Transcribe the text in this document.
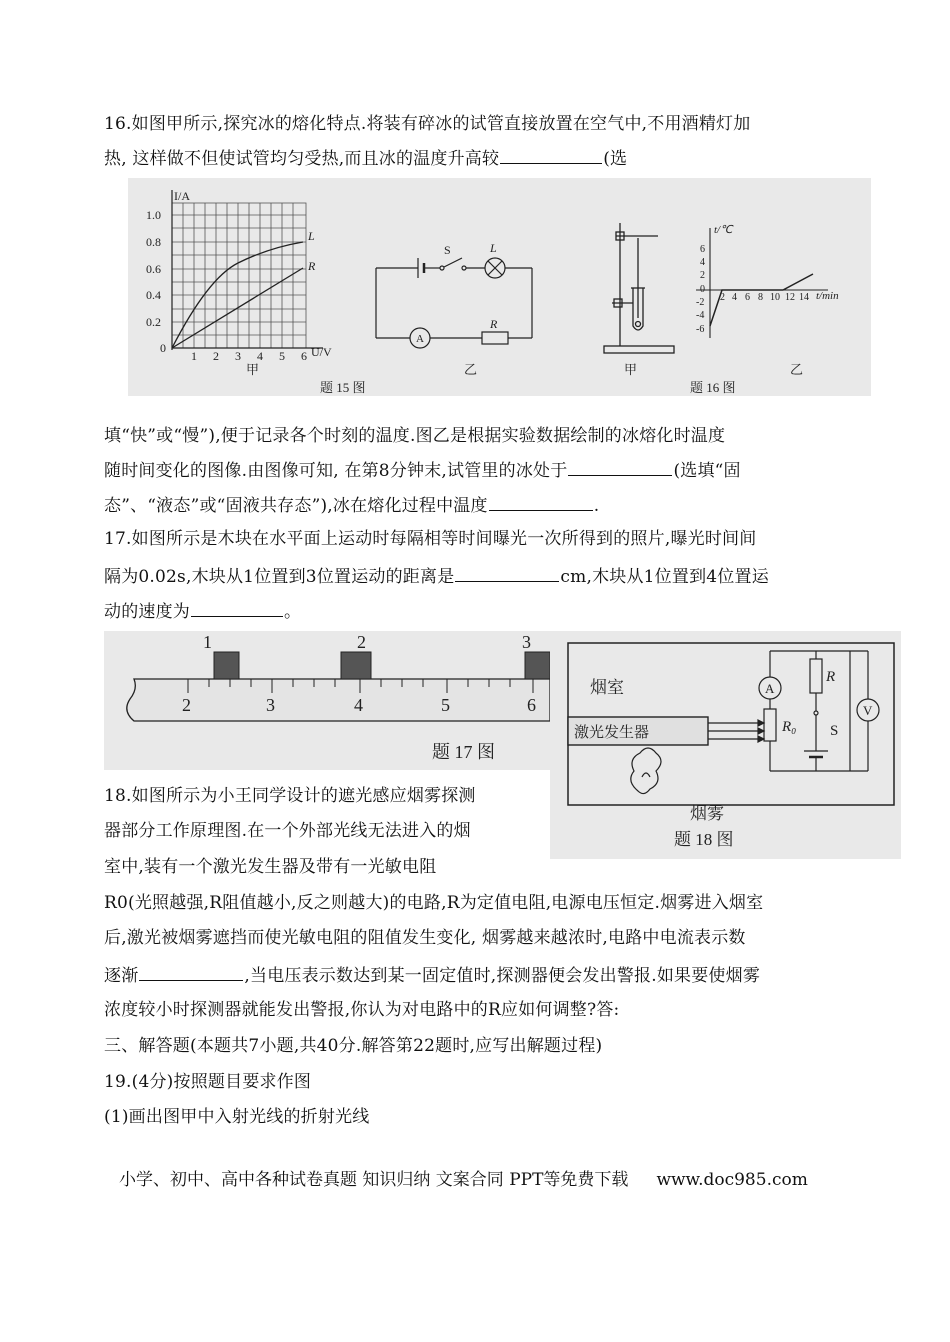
16.如图甲所示,探究冰的熔化特点.将装有碎冰的试管直接放置在空气中,不用酒精灯加
热, 这样做不但使试管均匀受热,而且冰的温度升高较	(选
I/A
U/V
1.0
0.8
0.6
0.4
0.2
0
1 2 3 4 5 6
L
R
甲
S	L
A
R
乙
题 15 图
甲
t/℃
6
4
2
0
-2
-4
-6
2 4 6 8 10 12 14 t/min
题 16 图
乙
填“快”或“慢”),便于记录各个时刻的温度.图乙是根据实验数据绘制的冰熔化时温度
随时间变化的图像.由图像可知, 在第8分钟末,试管里的冰处于	(选填“固
态”、“液态”或“固液共存态”),冰在熔化过程中温度	.
17.如图所示是木块在水平面上运动时每隔相等时间曝光一次所得到的照片,曝光时间间
隔为0.02s,木块从1位置到3位置运动的距离是	cm,木块从1位置到4位置运
动的速度为	。
1	2	3
2	3	4	5	6
题 17 图
烟室
激光发生器
A
R
R₀ S
V
烟雾
题 18 图
18.如图所示为小王同学设计的遮光感应烟雾探测
器部分工作原理图.在一个外部光线无法进入的烟
室中,装有一个激光发生器及带有一光敏电阻
R0(光照越强,R阻值越小,反之则越大)的电路,R为定值电阻,电源电压恒定.烟雾进入烟室
后,激光被烟雾遮挡而使光敏电阻的阻值发生变化, 烟雾越来越浓时,电路中电流表示数
逐渐	,当电压表示数达到某一固定值时,探测器便会发出警报.如果要使烟雾
浓度较小时探测器就能发出警报,你认为对电路中的R应如何调整?答:
三、解答题(本题共7小题,共40分.解答第22题时,应写出解题过程)
19.(4分)按照题目要求作图
(1)画出图甲中入射光线的折射光线
小学、初中、高中各种试卷真题 知识归纳 文案合同 PPT等免费下载 www.doc985.com
